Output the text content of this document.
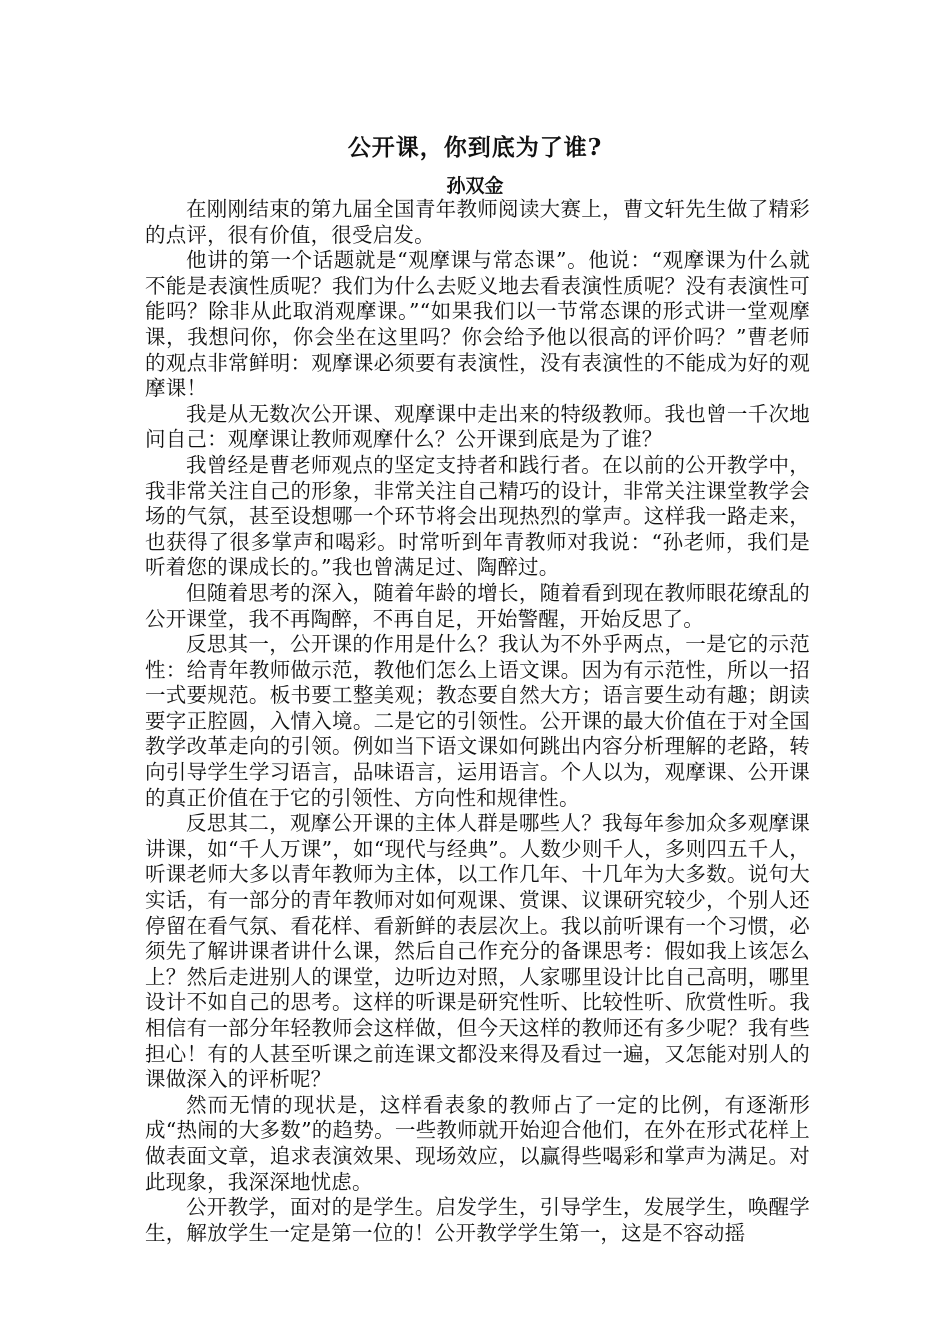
公开课，你到底为了谁?
孙双金

在刚刚结束的第九届全国青年教师阅读大赛上，曹文轩先生做了精彩的点评，很有价值，很受启发。

他讲的第一个话题就是“观摩课与常态课”。他说：“观摩课为什么就不能是表演性质呢？我们为什么去贬义地去看表演性质呢？没有表演性可能吗？除非从此取消观摩课。”“如果我们以一节常态课的形式讲一堂观摩课，我想问你，你会坐在这里吗？你会给予他以很高的评价吗？”曹老师的观点非常鲜明：观摩课必须要有表演性，没有表演性的不能成为好的观摩课！

我是从无数次公开课、观摩课中走出来的特级教师。我也曾一千次地问自己：观摩课让教师观摩什么？公开课到底是为了谁？

我曾经是曹老师观点的坚定支持者和践行者。在以前的公开教学中，我非常关注自己的形象，非常关注自己精巧的设计，非常关注课堂教学会场的气氛，甚至设想哪一个环节将会出现热烈的掌声。这样我一路走来，也获得了很多掌声和喝彩。时常听到年青教师对我说：“孙老师，我们是听着您的课成长的。”我也曾满足过、陶醉过。

但随着思考的深入，随着年龄的增长，随着看到现在教师眼花缭乱的公开课堂，我不再陶醉，不再自足，开始警醒，开始反思了。

反思其一，公开课的作用是什么？我认为不外乎两点，一是它的示范性：给青年教师做示范，教他们怎么上语文课。因为有示范性，所以一招一式要规范。板书要工整美观；教态要自然大方；语言要生动有趣；朗读要字正腔圆，入情入境。二是它的引领性。公开课的最大价值在于对全国教学改革走向的引领。例如当下语文课如何跳出内容分析理解的老路，转向引导学生学习语言，品味语言，运用语言。个人以为，观摩课、公开课的真正价值在于它的引领性、方向性和规律性。

反思其二，观摩公开课的主体人群是哪些人？我每年参加众多观摩课讲课，如“千人万课”，如“现代与经典”。人数少则千人，多则四五千人，听课老师大多以青年教师为主体，以工作几年、十几年为大多数。说句大实话，有一部分的青年教师对如何观课、赏课、议课研究较少，个别人还停留在看气氛、看花样、看新鲜的表层次上。我以前听课有一个习惯，必须先了解讲课者讲什么课，然后自己作充分的备课思考：假如我上该怎么上？然后走进别人的课堂，边听边对照，人家哪里设计比自己高明，哪里设计不如自己的思考。这样的听课是研究性听、比较性听、欣赏性听。我相信有一部分年轻教师会这样做，但今天这样的教师还有多少呢？我有些担心！有的人甚至听课之前连课文都没来得及看过一遍，又怎能对别人的课做深入的评析呢？

然而无情的现状是，这样看表象的教师占了一定的比例，有逐渐形成“热闹的大多数”的趋势。一些教师就开始迎合他们，在外在形式花样上做表面文章，追求表演效果、现场效应，以赢得些喝彩和掌声为满足。对此现象，我深深地忧虑。

公开教学，面对的是学生。启发学生，引导学生，发展学生，唤醒学生，解放学生一定是第一位的！公开教学学生第一，这是不容动摇
